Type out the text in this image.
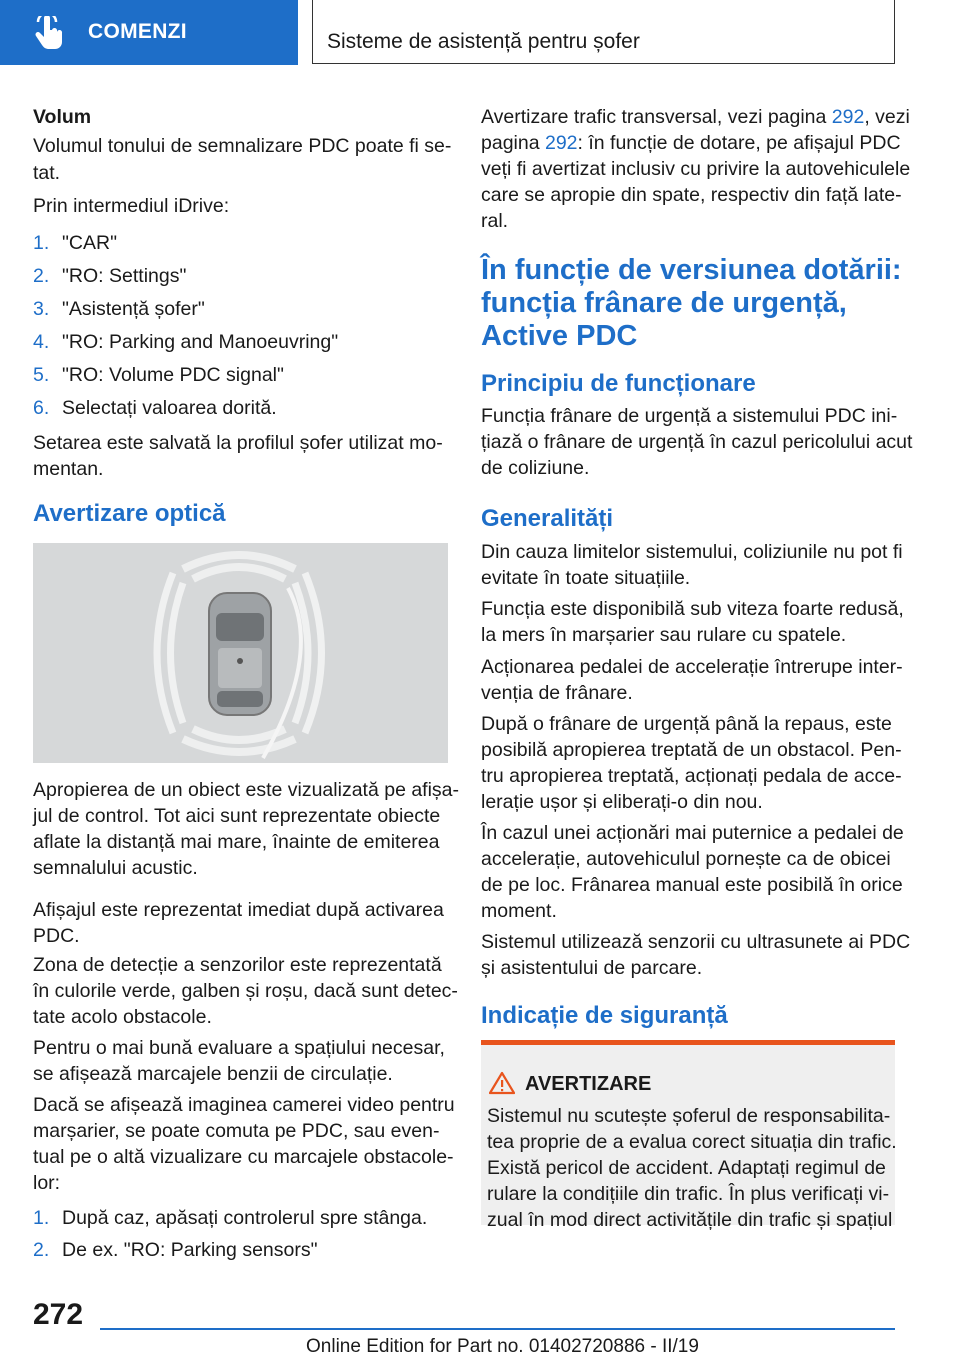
COMENZI	Sisteme de asistență pentru șofer
Volum
Volumul tonului de semnalizare PDC poate fi se-
tat.
Prin intermediul iDrive:
1. "CAR"
2. "RO: Settings"
3. "Asistență șofer"
4. "RO: Parking and Manoeuvring"
5. "RO: Volume PDC signal"
6. Selectați valoarea dorită.
Setarea este salvată la profilul șofer utilizat mo-
mentan.
Avertizare optică
Apropierea de un obiect este vizualizată pe afișa-
jul de control. Tot aici sunt reprezentate obiecte
aflate la distanță mai mare, înainte de emiterea
semnalului acustic.
Afișajul este reprezentat imediat după activarea
PDC.
Zona de detecție a senzorilor este reprezentată
în culorile verde, galben și roșu, dacă sunt detec-
tate acolo obstacole.
Pentru o mai bună evaluare a spațiului necesar,
se afișează marcajele benzii de circulație.
Dacă se afișează imaginea camerei video pentru
marșarier, se poate comuta pe PDC, sau even-
tual pe o altă vizualizare cu marcajele obstacole-
lor:
1. După caz, apăsați controlerul spre stânga.
2. De ex. "RO: Parking sensors"
Avertizare trafic transversal, vezi pagina 292, vezi
pagina 292: în funcție de dotare, pe afișajul PDC
veți fi avertizat inclusiv cu privire la autovehiculele
care se apropie din spate, respectiv din față late-
ral.
În funcție de versiunea dotării:
funcția frânare de urgență,
Active PDC
Principiu de funcționare
Funcția frânare de urgență a sistemului PDC ini-
țiază o frânare de urgență în cazul pericolului acut
de coliziune.
Generalități
Din cauza limitelor sistemului, coliziunile nu pot fi
evitate în toate situațiile.
Funcția este disponibilă sub viteza foarte redusă,
la mers în marșarier sau rulare cu spatele.
Acționarea pedalei de accelerație întrerupe inter-
venția de frânare.
După o frânare de urgență până la repaus, este
posibilă apropierea treptată de un obstacol. Pen-
tru apropierea treptată, acționați pedala de acce-
lerație ușor și eliberați-o din nou.
În cazul unei acționări mai puternice a pedalei de
accelerație, autovehiculul pornește ca de obicei
de pe loc. Frânarea manual este posibilă în orice
moment.
Sistemul utilizează senzorii cu ultrasunete ai PDC
și asistentului de parcare.
Indicație de siguranță
AVERTIZARE
Sistemul nu scutește șoferul de responsabilita-
tea proprie de a evalua corect situația din trafic.
Există pericol de accident. Adaptați regimul de
rulare la condițiile din trafic. În plus verificați vi-
zual în mod direct activitățile din trafic și spațiul
272
Online Edition for Part no. 01402720886 - II/19
